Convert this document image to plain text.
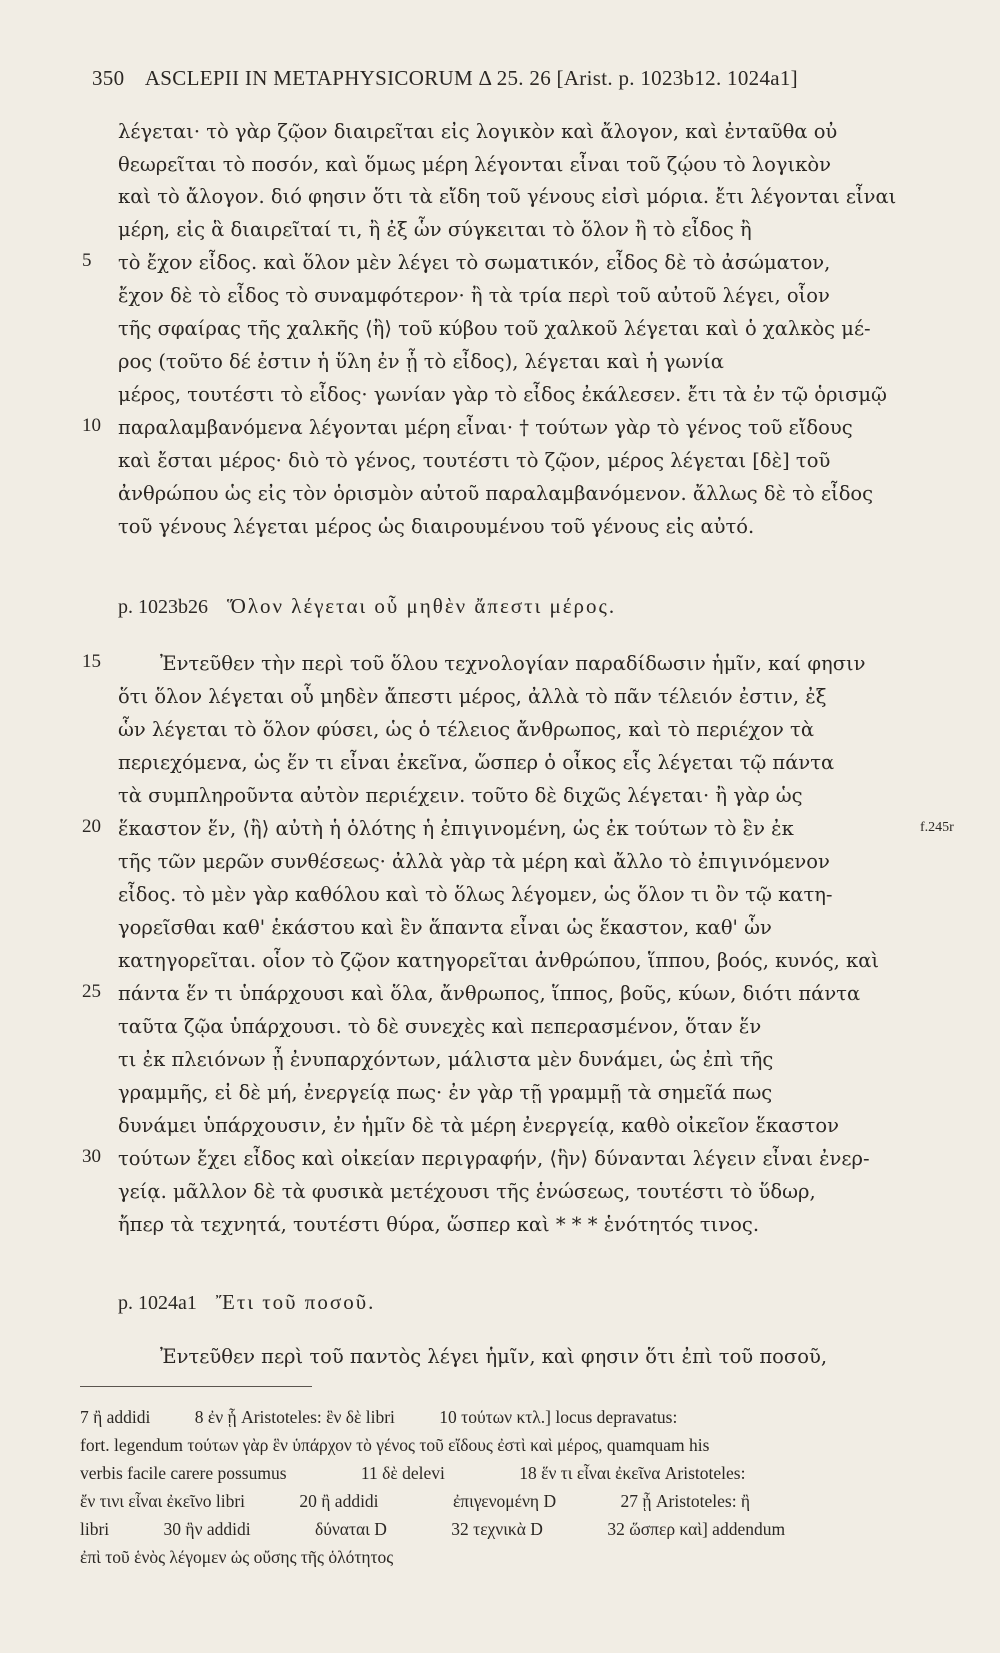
350 ASCLEPII IN METAPHYSICORUM Δ 25. 26 [Arist. p. 1023b12. 1024a1]
λέγεται· τὸ γὰρ ζῷον διαιρεῖται εἰς λογικὸν καὶ ἄλογον, καὶ ἐνταῦθα οὐ
θεωρεῖται τὸ ποσόν, καὶ ὅμως μέρη λέγονται εἶναι τοῦ ζῴου τὸ λογικὸν
καὶ τὸ ἄλογον. διό φησιν ὅτι τὰ εἴδη τοῦ γένους εἰσὶ μόρια. ἔτι λέγονται εἶναι
μέρη, εἰς ἃ διαιρεῖταί τι, ἢ ἐξ ὧν σύγκειται τὸ ὅλον ἢ τὸ εἶδος ἢ
τὸ ἔχον εἶδος. καὶ ὅλον μὲν λέγει τὸ σωματικόν, εἶδος δὲ τὸ ἀσώματον,
ἔχον δὲ τὸ εἶδος τὸ συναμφότερον· ἢ τὰ τρία περὶ τοῦ αὐτοῦ λέγει, οἷον
τῆς σφαίρας τῆς χαλκῆς ⟨ἢ⟩ τοῦ κύβου τοῦ χαλκοῦ λέγεται καὶ ὁ χαλκὸς μέ-
ρος (τοῦτο δέ ἐστιν ἡ ὕλη ἐν ᾗ τὸ εἶδος), λέγεται καὶ ἡ γωνία
μέρος, τουτέστι τὸ εἶδος· γωνίαν γὰρ τὸ εἶδος ἐκάλεσεν. ἔτι τὰ ἐν τῷ ὁρισμῷ
παραλαμβανόμενα λέγονται μέρη εἶναι· † τούτων γὰρ τὸ γένος τοῦ εἴδους
καὶ ἔσται μέρος· διὸ τὸ γένος, τουτέστι τὸ ζῷον, μέρος λέγεται [δὲ] τοῦ
ἀνθρώπου ὡς εἰς τὸν ὁρισμὸν αὐτοῦ παραλαμβανόμενον. ἄλλως δὲ τὸ εἶδος
τοῦ γένους λέγεται μέρος ὡς διαιρουμένου τοῦ γένους εἰς αὐτό.
p. 1023b26 Ὅλον λέγεται οὗ μηθὲν ἄπεστι μέρος.
Ἐντεῦθεν τὴν περὶ τοῦ ὅλου τεχνολογίαν παραδίδωσιν ἡμῖν, καί φησιν
ὅτι ὅλον λέγεται οὗ μηδὲν ἄπεστι μέρος, ἀλλὰ τὸ πᾶν τέλειόν ἐστιν, ἐξ
ὧν λέγεται τὸ ὅλον φύσει, ὡς ὁ τέλειος ἄνθρωπος, καὶ τὸ περιέχον τὰ
περιεχόμενα, ὡς ἕν τι εἶναι ἐκεῖνα, ὥσπερ ὁ οἶκος εἷς λέγεται τῷ πάντα
τὰ συμπληροῦντα αὐτὸν περιέχειν. τοῦτο δὲ διχῶς λέγεται· ἢ γὰρ ὡς
ἕκαστον ἕν, ⟨ἢ⟩ αὐτὴ ἡ ὁλότης ἡ ἐπιγινομένη, ὡς ἐκ τούτων τὸ ἓν ἐκ
τῆς τῶν μερῶν συνθέσεως· ἀλλὰ γὰρ τὰ μέρη καὶ ἄλλο τὸ ἐπιγινόμενον
εἶδος. τὸ μὲν γὰρ καθόλου καὶ τὸ ὅλως λέγομεν, ὡς ὅλον τι ὂν τῷ κατη-
γορεῖσθαι καθ' ἑκάστου καὶ ἓν ἅπαντα εἶναι ὡς ἕκαστον, καθ' ὧν
κατηγορεῖται. οἷον τὸ ζῷον κατηγορεῖται ἀνθρώπου, ἵππου, βοός, κυνός, καὶ
πάντα ἕν τι ὑπάρχουσι καὶ ὅλα, ἄνθρωπος, ἵππος, βοῦς, κύων, διότι πάντα
ταῦτα ζῷα ὑπάρχουσι. τὸ δὲ συνεχὲς καὶ πεπερασμένον, ὅταν ἕν
τι ἐκ πλειόνων ᾖ ἐνυπαρχόντων, μάλιστα μὲν δυνάμει, ὡς ἐπὶ τῆς
γραμμῆς, εἰ δὲ μή, ἐνεργείᾳ πως· ἐν γὰρ τῇ γραμμῇ τὰ σημεῖά πως
δυνάμει ὑπάρχουσιν, ἐν ἡμῖν δὲ τὰ μέρη ἐνεργείᾳ, καθὸ οἰκεῖον ἕκαστον
τούτων ἔχει εἶδος καὶ οἰκείαν περιγραφήν, ⟨ἣν⟩ δύνανται λέγειν εἶναι ἐνερ-
γείᾳ. μᾶλλον δὲ τὰ φυσικὰ μετέχουσι τῆς ἑνώσεως, τουτέστι τὸ ὕδωρ,
ἤπερ τὰ τεχνητά, τουτέστι θύρα, ὥσπερ καὶ * * * ἑνότητός τινος.
p. 1024a1 Ἔτι τοῦ ποσοῦ.
Ἐντεῦθεν περὶ τοῦ παντὸς λέγει ἡμῖν, καὶ φησιν ὅτι ἐπὶ τοῦ ποσοῦ,
5
10
15
20
25
30
f.245r
7 ἢ addidi	8 ἐν ᾗ Aristoteles: ἓν δὲ libri	10 τούτων κτλ.] locus depravatus:
fort. legendum τούτων γὰρ ἓν ὑπάρχον τὸ γένος τοῦ εἴδους ἐστὶ καὶ μέρος, quamquam his
verbis facile carere possumus	11 δὲ delevi	18 ἕν τι εἶναι ἐκεῖνα Aristoteles:
ἔν τινι εἶναι ἐκεῖνο libri	20 ἢ addidi	ἐπιγενομένη D	27 ᾖ Aristoteles: ἢ
libri	30 ἣν addidi	δύναται D	32 τεχνικὰ D	32 ὥσπερ καὶ] addendum
ἐπὶ τοῦ ἑνὸς λέγομεν ὡς οὔσης τῆς ὁλότητος
